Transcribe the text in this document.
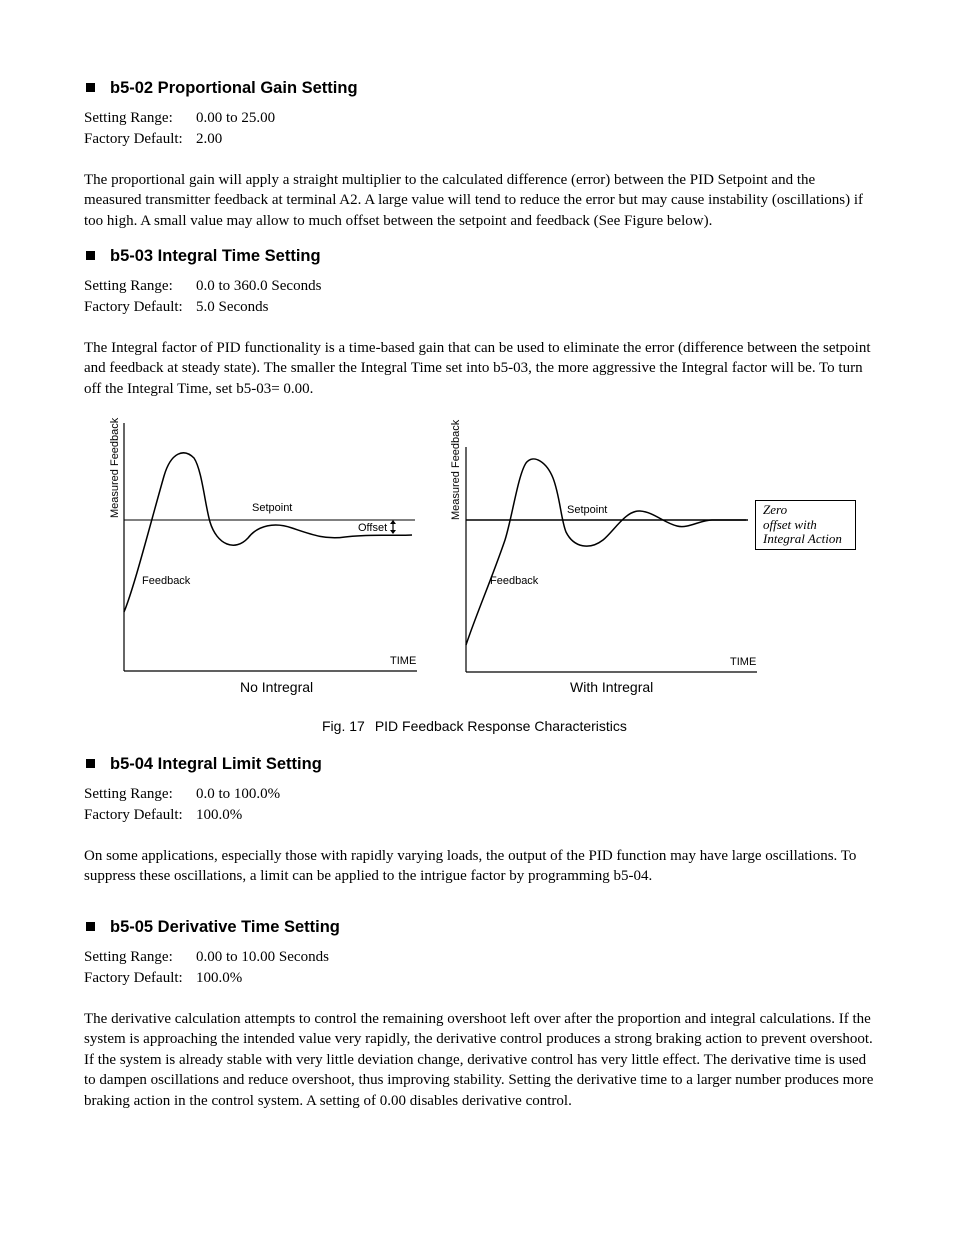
b5-02 Proportional Gain Setting
Setting Range: 0.00 to 25.00
Factory Default: 2.00
The proportional gain will apply a straight multiplier to the calculated difference (error) between the PID Setpoint and the measured transmitter feedback at terminal A2. A large value will tend to reduce the error but may cause instability (oscillations) if too high. A small value may allow to much offset between the setpoint and feedback (See Figure below).
b5-03 Integral Time Setting
Setting Range: 0.0 to 360.0 Seconds
Factory Default: 5.0 Seconds
The Integral factor of PID functionality is a time-based gain that can be used to eliminate the error (difference between the setpoint and feedback at steady state). The smaller the Integral Time set into b5-03, the more aggressive the Integral factor will be. To turn off the Integral Time, set b5-03= 0.00.
Measured Feedback	Setpoint
Offset
Feedback
TIME
No Intregral
Measured Feedback	Setpoint
Feedback
TIME
With Intregral
Zero
offset with
Integral Action
Fig. 17 PID Feedback Response Characteristics
b5-04 Integral Limit Setting
Setting Range: 0.0 to 100.0%
Factory Default: 100.0%
On some applications, especially those with rapidly varying loads, the output of the PID function may have large oscillations. To suppress these oscillations, a limit can be applied to the intrigue factor by programming b5-04.
b5-05 Derivative Time Setting
Setting Range: 0.00 to 10.00 Seconds
Factory Default: 100.0%
The derivative calculation attempts to control the remaining overshoot left over after the proportion and integral calculations. If the system is approaching the intended value very rapidly, the derivative control produces a strong braking action to prevent overshoot. If the system is already stable with very little deviation change, derivative control has very little effect. The derivative time is used to dampen oscillations and reduce overshoot, thus improving stability. Setting the derivative time to a larger number produces more braking action in the control system. A setting of 0.00 disables derivative control.
